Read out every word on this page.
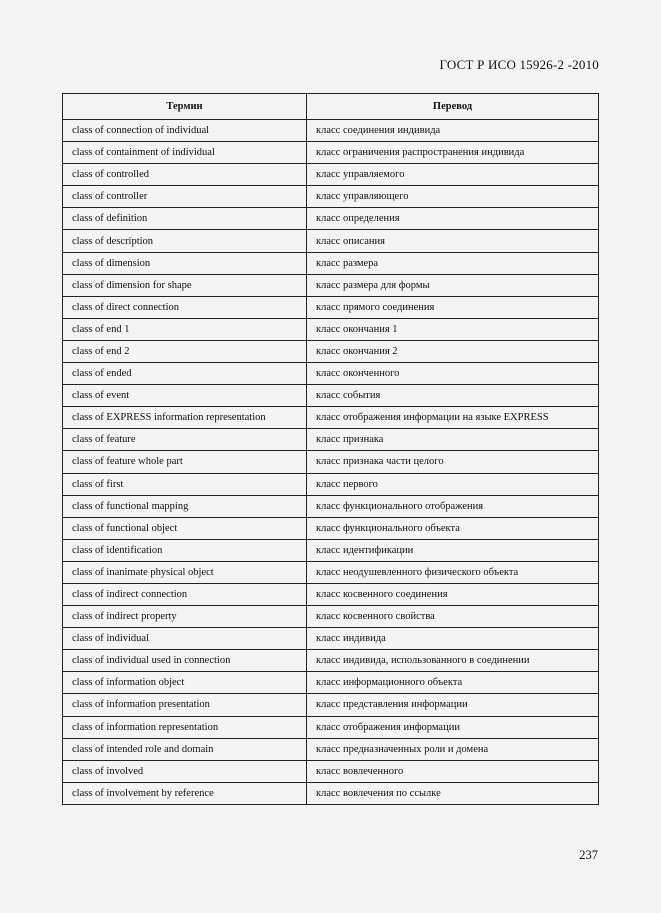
ГОСТ Р ИСО 15926-2 -2010
Термин	Перевод
class of connection of individual	класс соединения индивида
class of containment of individual	класс ограничения распространения индивида
class of controlled	класс управляемого
class of controller	класс управляющего
class of definition	класс определения
class of description	класс описания
class of dimension	класс размера
class of dimension for shape	класс размера для формы
class of direct connection	класс прямого соединения
class of end 1	класс окончания 1
class of end 2	класс окончания 2
class of ended	класс оконченного
class of event	класс события
class of EXPRESS information representation	класс отображения информации на языке EXPRESS
class of feature	класс признака
class of feature whole part	класс признака части целого
class of first	класс первого
class of functional mapping	класс функционального отображения
class of functional object	класс функционального объекта
class of identification	класс идентификации
class of inanimate physical object	класс неодушевленного физического объекта
class of indirect connection	класс косвенного соединения
class of indirect property	класс косвенного свойства
class of individual	класс индивида
class of individual used in connection	класс индивида, использованного в соединении
class of information object	класс информационного объекта
class of information presentation	класс представления информации
class of information representation	класс отображения информации
class of intended role and domain	класс предназначенных роли и домена
class of involved	класс вовлеченного
class of involvement by reference	класс вовлечения по ссылке
237
